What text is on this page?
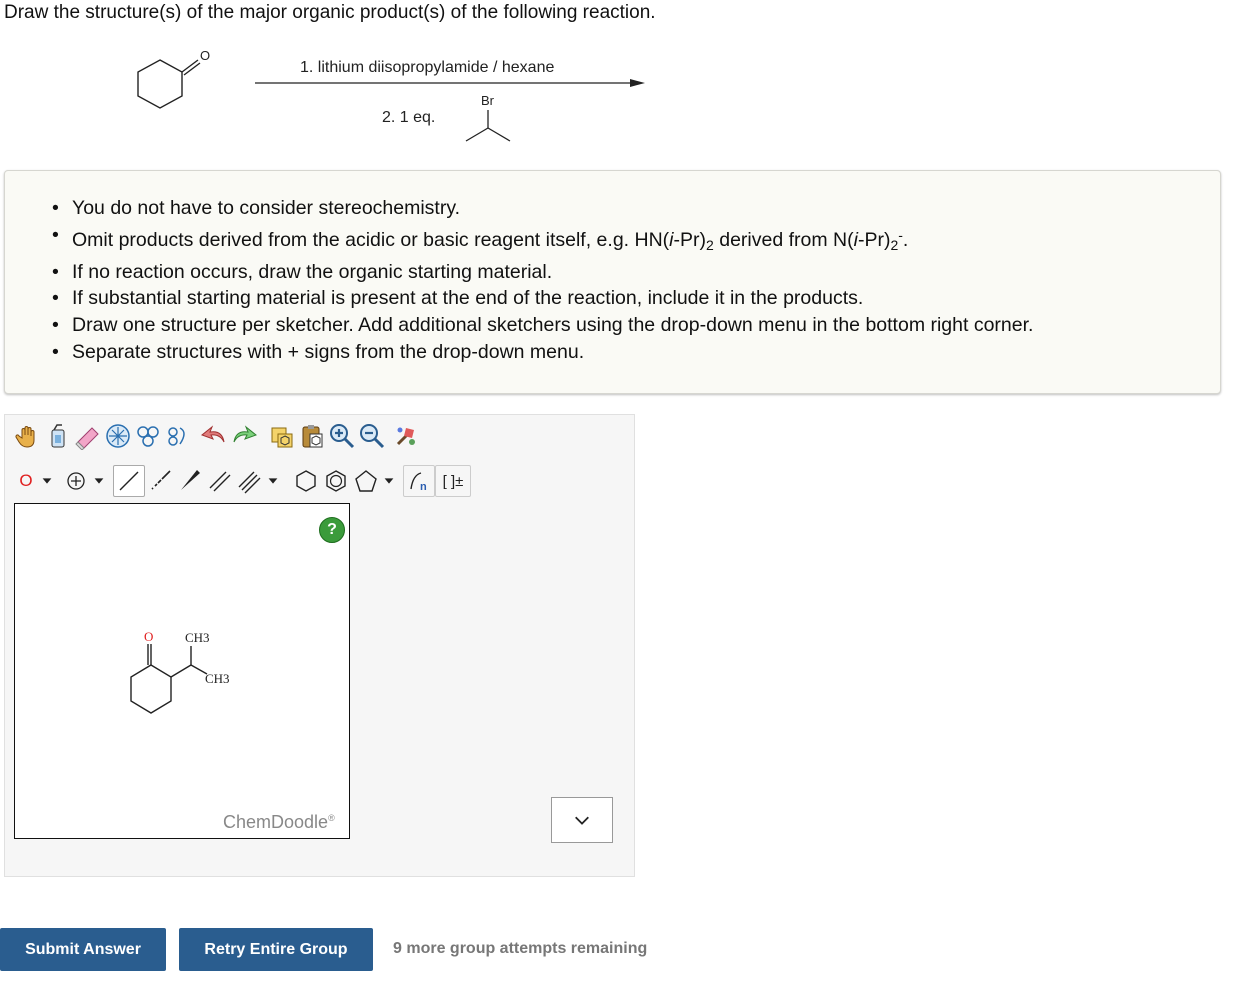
Draw the structure(s) of the major organic product(s) of the following reaction.
O
1. lithium diisopropylamide / hexane
2. 1 eq.
Br
• You do not have to consider stereochemistry.
• Omit products derived from the acidic or basic reagent itself, e.g. $HN(i-Pr)_2$ derived from $N(i-Pr)_2^-$.
• If no reaction occurs, draw the organic starting material.
• If substantial starting material is present at the end of the reaction, include it in the products.
• Draw one structure per sketcher. Add additional sketchers using the drop-down menu in the bottom right corner.
• Separate structures with + signs from the drop-down menu.
O	n [ ]±
?
O CH3
CH3
ChemDoodle®
Submit Answer	Retry Entire Group	9 more group attempts remaining
